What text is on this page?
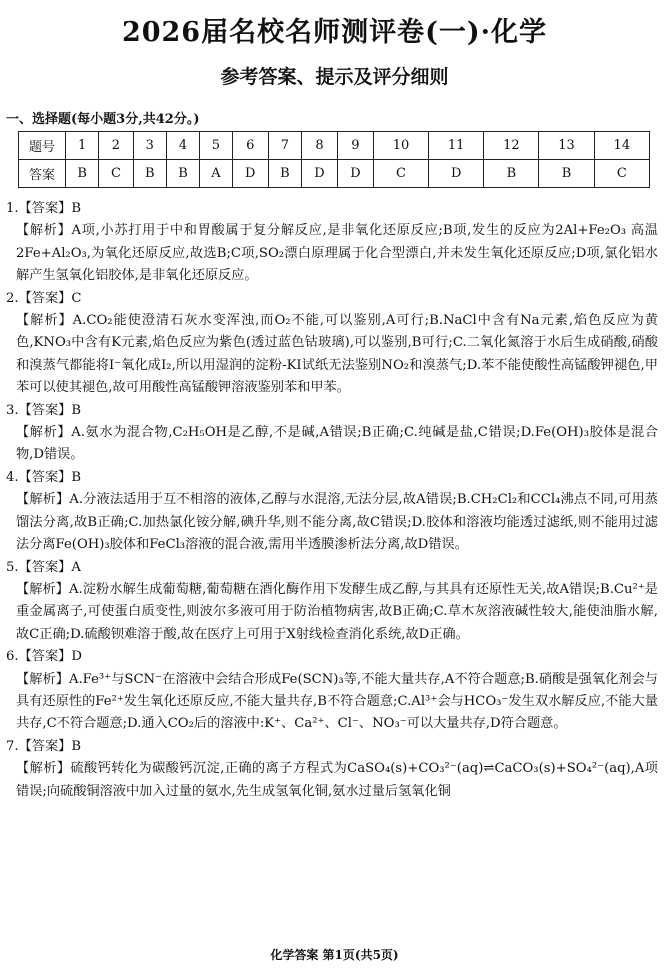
2026届名校名师测评卷(一)·化学
参考答案、提示及评分细则
一、选择题(每小题3分,共42分。)
题号	1	2	3	4	5	6	7	8	9	10	11	12	13	14
答案	B	C	B	B	A	D	B	D	D	C	D	B	B	C

1.【答案】B

【解析】A项,小苏打用于中和胃酸属于复分解反应,是非氧化还原反应;B项,发生的反应为2Al+Fe₂O₃ 高温 2Fe+Al₂O₃,为氧化还原反应,故选B;C项,SO₂漂白原理属于化合型漂白,并未发生氧化还原反应;D项,氯化铝水解产生氢氧化铝胶体,是非氧化还原反应。

2.【答案】C

【解析】A.CO₂能使澄清石灰水变浑浊,而O₂不能,可以鉴别,A可行;B.NaCl中含有Na元素,焰色反应为黄色,KNO₃中含有K元素,焰色反应为紫色(透过蓝色钴玻璃),可以鉴别,B可行;C.二氧化氮溶于水后生成硝酸,硝酸和溴蒸气都能将I⁻氧化成I₂,所以用湿润的淀粉-KI试纸无法鉴别NO₂和溴蒸气;D.苯不能使酸性高锰酸钾褪色,甲苯可以使其褪色,故可用酸性高锰酸钾溶液鉴别苯和甲苯。

3.【答案】B

【解析】A.氨水为混合物,C₂H₅OH是乙醇,不是碱,A错误;B正确;C.纯碱是盐,C错误;D.Fe(OH)₃胶体是混合物,D错误。

4.【答案】B

【解析】A.分液法适用于互不相溶的液体,乙醇与水混溶,无法分层,故A错误;B.CH₂Cl₂和CCl₄沸点不同,可用蒸馏法分离,故B正确;C.加热氯化铵分解,碘升华,则不能分离,故C错误;D.胶体和溶液均能透过滤纸,则不能用过滤法分离Fe(OH)₃胶体和FeCl₃溶液的混合液,需用半透膜渗析法分离,故D错误。

5.【答案】A

【解析】A.淀粉水解生成葡萄糖,葡萄糖在酒化酶作用下发酵生成乙醇,与其具有还原性无关,故A错误;B.Cu²⁺是重金属离子,可使蛋白质变性,则波尔多液可用于防治植物病害,故B正确;C.草木灰溶液碱性较大,能使油脂水解,故C正确;D.硫酸钡难溶于酸,故在医疗上可用于X射线检查消化系统,故D正确。

6.【答案】D

【解析】A.Fe³⁺与SCN⁻在溶液中会结合形成Fe(SCN)₃等,不能大量共存,A不符合题意;B.硝酸是强氧化剂会与具有还原性的Fe²⁺发生氧化还原反应,不能大量共存,B不符合题意;C.Al³⁺会与HCO₃⁻发生双水解反应,不能大量共存,C不符合题意;D.通入CO₂后的溶液中:K⁺、Ca²⁺、Cl⁻、NO₃⁻可以大量共存,D符合题意。

7.【答案】B

【解析】硫酸钙转化为碳酸钙沉淀,正确的离子方程式为CaSO₄(s)+CO₃²⁻(aq)⇌CaCO₃(s)+SO₄²⁻(aq),A项错误;向硫酸铜溶液中加入过量的氨水,先生成氢氧化铜,氨水过量后氢氧化铜

化学答案 第1页(共5页)
